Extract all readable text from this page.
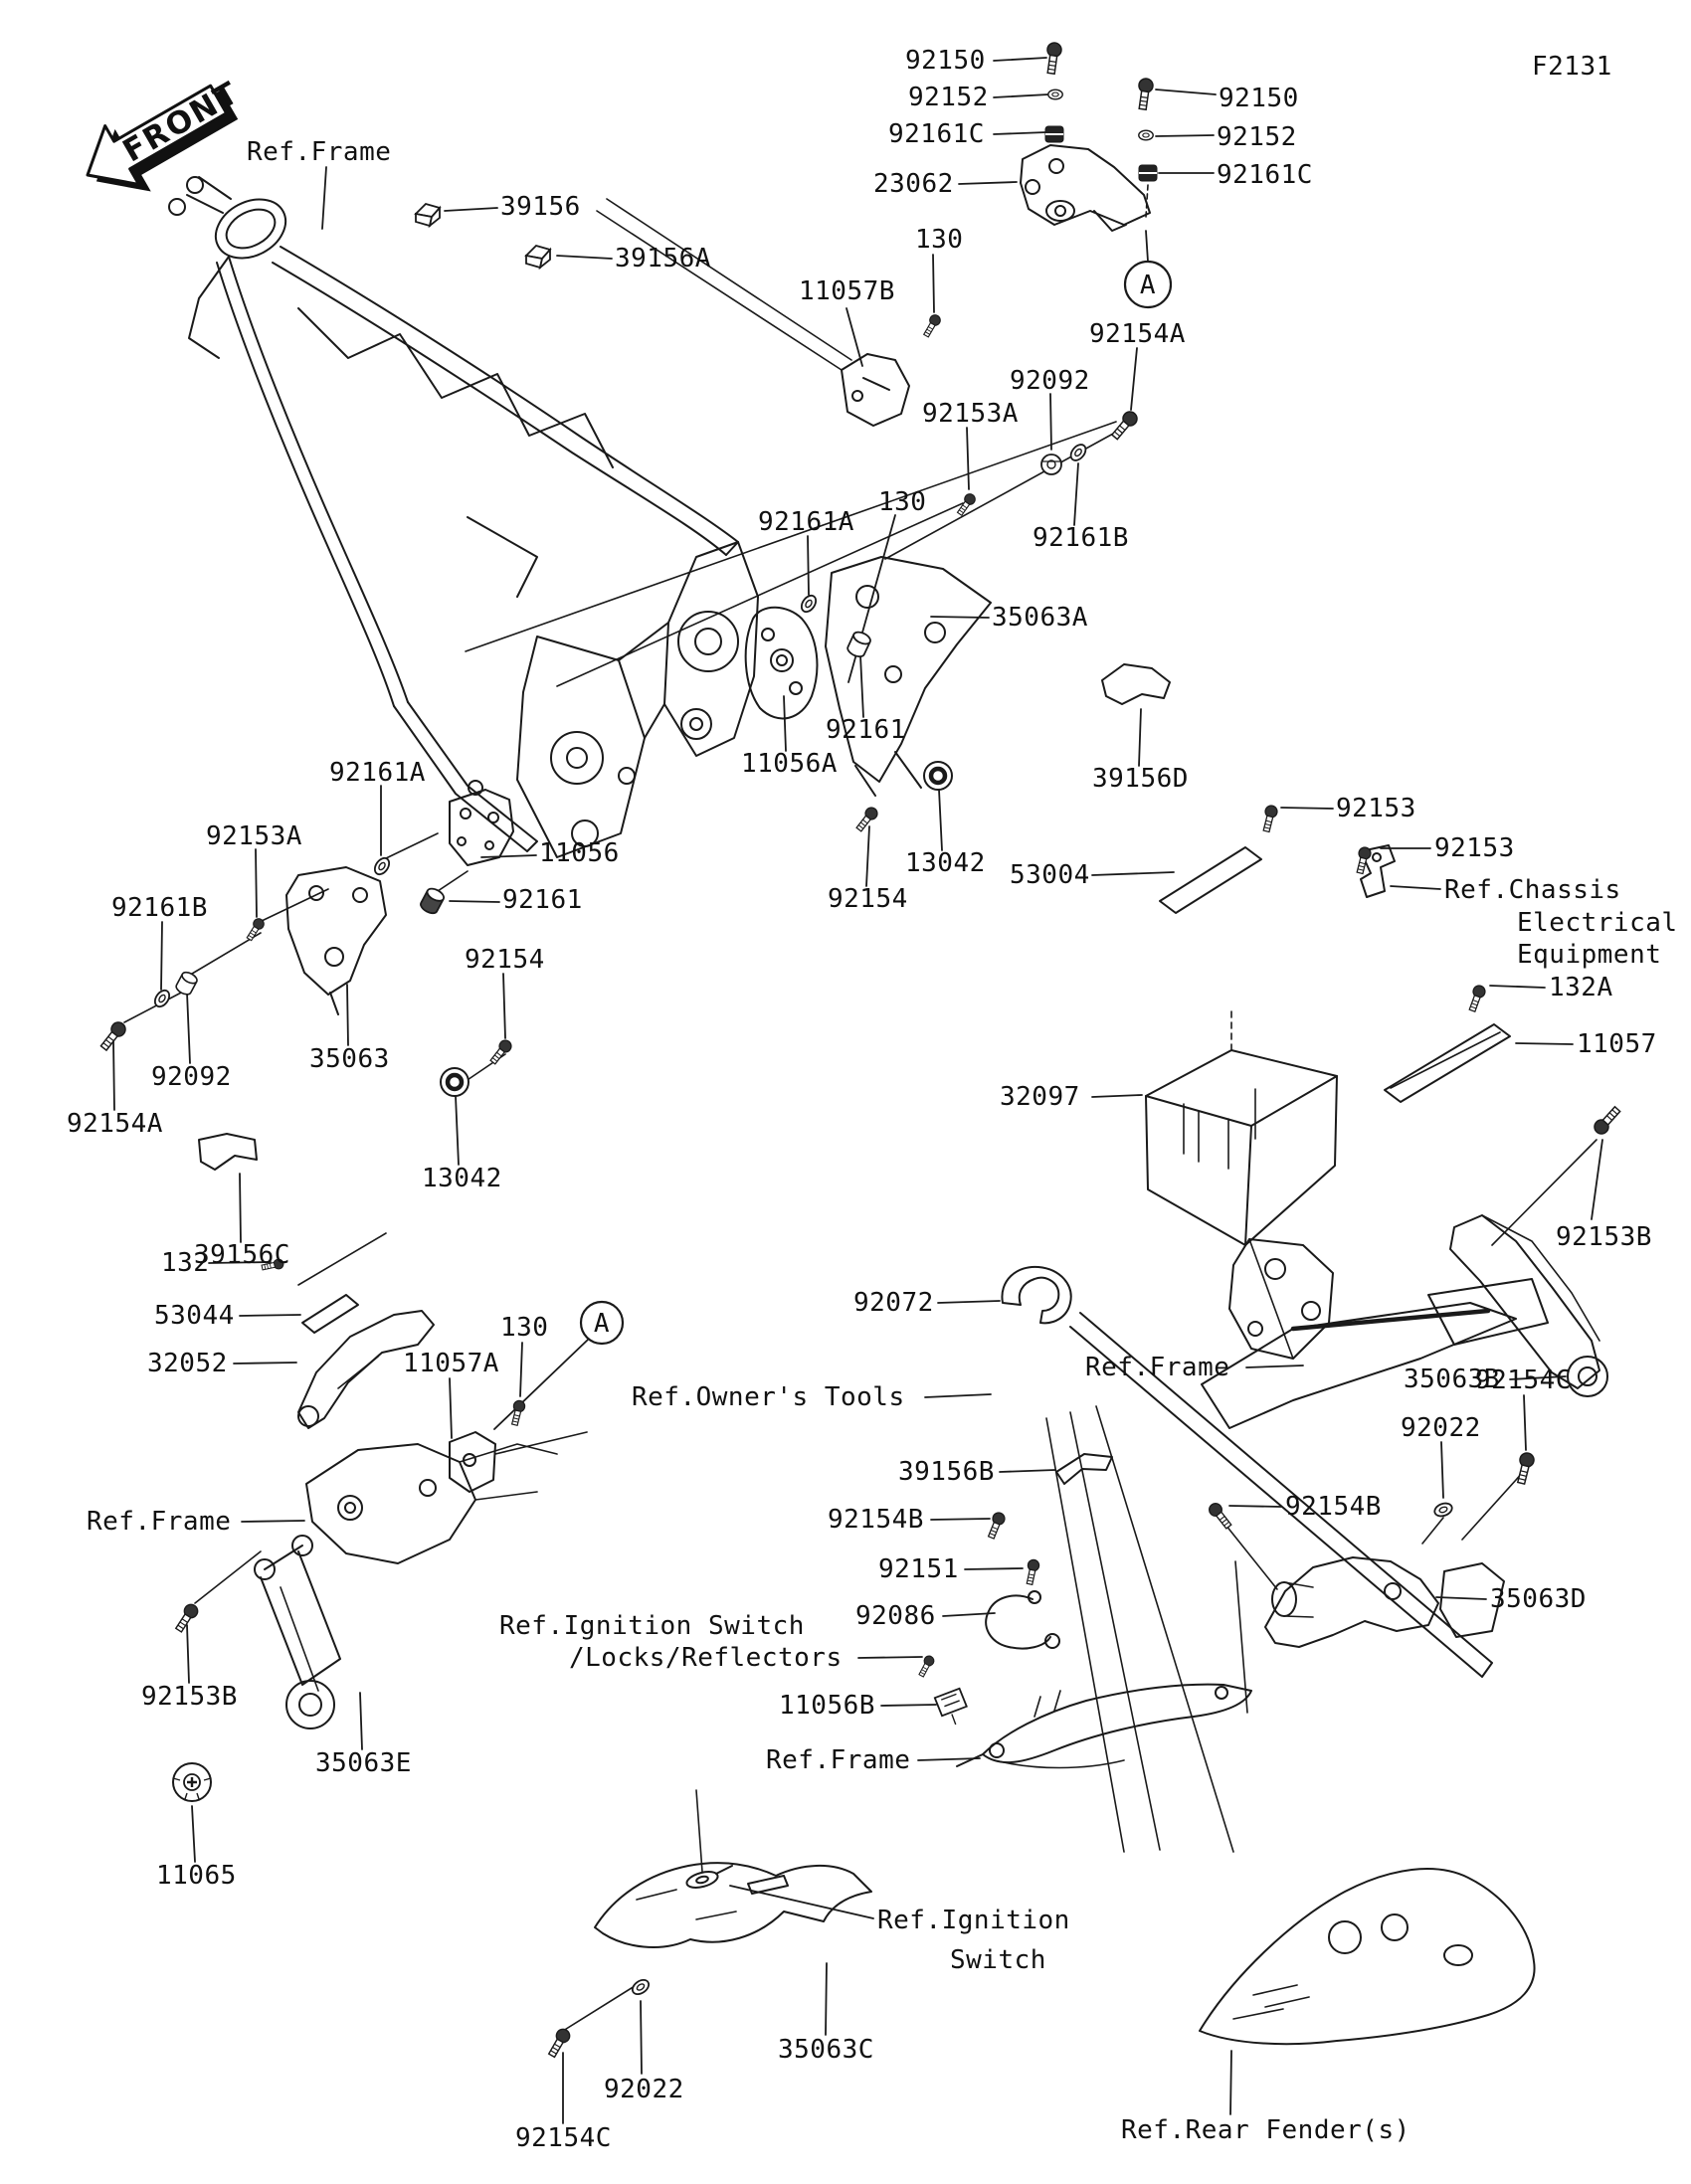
FRONT Ref.Frame
39156
39156A
92150
92152
92161C
23062
130
11057B
F2131
92150
92152
92161C
92154A
92092
92153A
92161B
130
92161A
35063A
92161
11056A	39156D
13042 53004
92154
92153
92153
Ref.Chassis
Electrical
Equipment
132A
11057
32097
92153B
Ref.Frame	35063B
92161A
92153A
11056
92161B	92161
92154
35063
92092
92154A
13042
39156C
132
53044
32052	11057A
130
Ref.Frame
92153B
35063E
11065
92072
Ref.Owner's Tools
39156B
92154B
92151
92086
Ref.Ignition Switch
/Locks/Reflectors
11056B
Ref.Frame
92154C
92022
92154B
35063D
Ref.Ignition
Switch
35063C
92022
92154C	Ref.Rear Fender(s)
A
A
